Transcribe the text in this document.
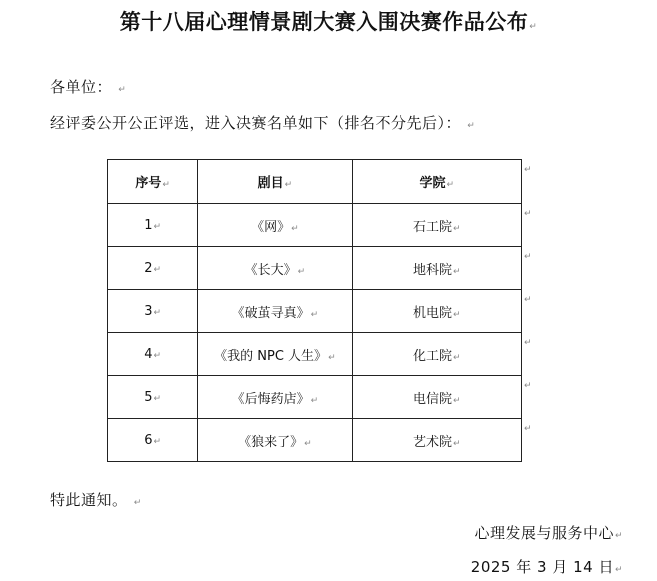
第十八届心理情景剧大赛入围决赛作品公布↵
各单位： ↵
经评委公开公正评选，进入决赛名单如下（排名不分先后）： ↵
序号↵	剧目↵	学院↵
1↵	《网》↵	石工院↵
2↵	《长大》↵	地科院↵
3↵	《破茧寻真》↵	机电院↵
4↵	《我的 NPC 人生》↵	化工院↵
5↵	《后悔药店》↵	电信院↵
6↵	《狼来了》↵	艺术院↵
↵
↵
↵
↵
↵
↵
↵
特此通知。 ↵
心理发展与服务中心↵
2025 年 3 月 14 日↵
